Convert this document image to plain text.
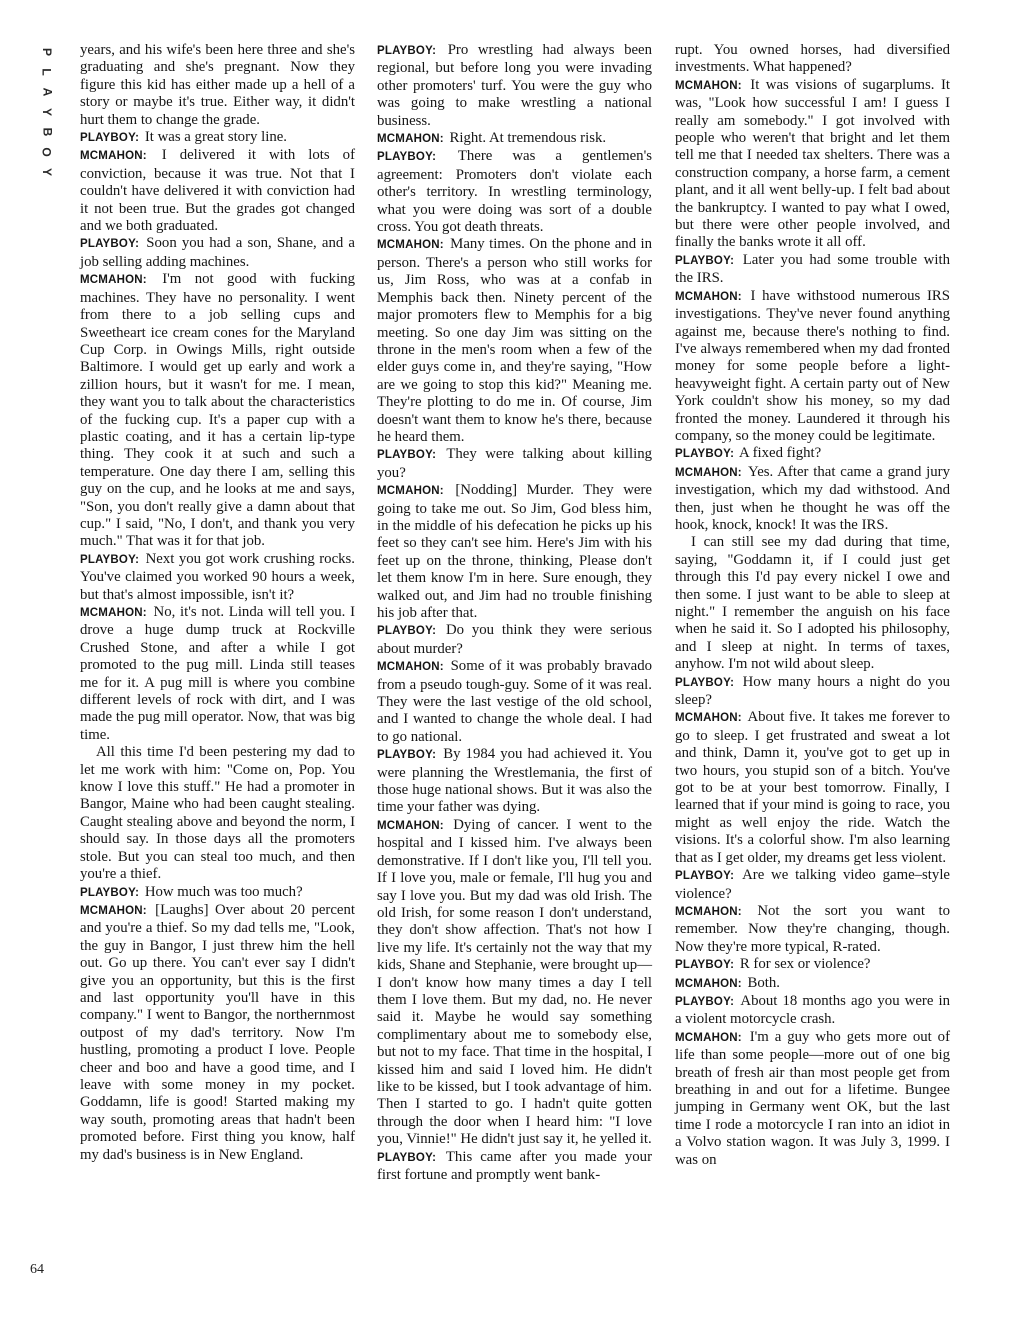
P
L
A
Y
B
O
Y

years, and his wife's been here three and she's graduating and she's pregnant. Now they figure this kid has either made up a hell of a story or maybe it's true. Either way, it didn't hurt them to change the grade.

PLAYBOY: It was a great story line.

MCMAHON: I delivered it with lots of conviction, because it was true. Not that I couldn't have delivered it with conviction had it not been true. But the grades got changed and we both graduated.

PLAYBOY: Soon you had a son, Shane, and a job selling adding machines.

MCMAHON: I'm not good with fucking machines. They have no personality. I went from there to a job selling cups and Sweetheart ice cream cones for the Maryland Cup Corp. in Owings Mills, right outside Baltimore. I would get up early and work a zillion hours, but it wasn't for me. I mean, they want you to talk about the characteristics of the fucking cup. It's a paper cup with a plastic coating, and it has a certain lip-type thing. They cook it at such and such a temperature. One day there I am, selling this guy on the cup, and he looks at me and says, "Son, you don't really give a damn about that cup." I said, "No, I don't, and thank you very much." That was it for that job.

PLAYBOY: Next you got work crushing rocks. You've claimed you worked 90 hours a week, but that's almost impossible, isn't it?

MCMAHON: No, it's not. Linda will tell you. I drove a huge dump truck at Rockville Crushed Stone, and after a while I got promoted to the pug mill. Linda still teases me for it. A pug mill is where you combine different levels of rock with dirt, and I was made the pug mill operator. Now, that was big time.

All this time I'd been pestering my dad to let me work with him: "Come on, Pop. You know I love this stuff." He had a promoter in Bangor, Maine who had been caught stealing. Caught stealing above and beyond the norm, I should say. In those days all the promoters stole. But you can steal too much, and then you're a thief.

PLAYBOY: How much was too much?

MCMAHON: [Laughs] Over about 20 percent and you're a thief. So my dad tells me, "Look, the guy in Bangor, I just threw him the hell out. Go up there. You can't ever say I didn't give you an opportunity, but this is the first and last opportunity you'll have in this company." I went to Bangor, the northernmost outpost of my dad's territory. Now I'm hustling, promoting a product I love. People cheer and boo and have a good time, and I leave with some money in my pocket. Goddamn, life is good! Started making my way south, promoting areas that hadn't been promoted before. First thing you know, half my dad's business is in New England.

PLAYBOY: Pro wrestling had always been regional, but before long you were invading other promoters' turf. You were the guy who was going to make wrestling a national business.

MCMAHON: Right. At tremendous risk.

PLAYBOY: There was a gentlemen's agreement: Promoters don't violate each other's territory. In wrestling terminology, what you were doing was sort of a double cross. You got death threats.

MCMAHON: Many times. On the phone and in person. There's a person who still works for us, Jim Ross, who was at a confab in Memphis back then. Ninety percent of the major promoters flew to Memphis for a big meeting. So one day Jim was sitting on the throne in the men's room when a few of the elder guys come in, and they're saying, "How are we going to stop this kid?" Meaning me. They're plotting to do me in. Of course, Jim doesn't want them to know he's there, because he heard them.

PLAYBOY: They were talking about killing you?

MCMAHON: [Nodding] Murder. They were going to take me out. So Jim, God bless him, in the middle of his defecation he picks up his feet so they can't see him. Here's Jim with his feet up on the throne, thinking, Please don't let them know I'm in here. Sure enough, they walked out, and Jim had no trouble finishing his job after that.

PLAYBOY: Do you think they were serious about murder?

MCMAHON: Some of it was probably bravado from a pseudo tough-guy. Some of it was real. They were the last vestige of the old school, and I wanted to change the whole deal. I had to go national.

PLAYBOY: By 1984 you had achieved it. You were planning the Wrestlemania, the first of those huge national shows. But it was also the time your father was dying.

MCMAHON: Dying of cancer. I went to the hospital and I kissed him. I've always been demonstrative. If I don't like you, I'll tell you. If I love you, male or female, I'll hug you and say I love you. But my dad was old Irish. The old Irish, for some reason I don't understand, they don't show affection. That's not how I live my life. It's certainly not the way that my kids, Shane and Stephanie, were brought up—I don't know how many times a day I tell them I love them. But my dad, no. He never said it. Maybe he would say something complimentary about me to somebody else, but not to my face. That time in the hospital, I kissed him and said I loved him. He didn't like to be kissed, but I took advantage of him. Then I started to go. I hadn't quite gotten through the door when I heard him: "I love you, Vinnie!" He didn't just say it, he yelled it.

PLAYBOY: This came after you made your first fortune and promptly went bank-

rupt. You owned horses, had diversified investments. What happened?

MCMAHON: It was visions of sugarplums. It was, "Look how successful I am! I guess I really am somebody." I got involved with people who weren't that bright and let them tell me that I needed tax shelters. There was a construction company, a horse farm, a cement plant, and it all went belly-up. I felt bad about the bankruptcy. I wanted to pay what I owed, but there were other people involved, and finally the banks wrote it all off.

PLAYBOY: Later you had some trouble with the IRS.

MCMAHON: I have withstood numerous IRS investigations. They've never found anything against me, because there's nothing to find. I've always remembered when my dad fronted money for some people before a light-heavyweight fight. A certain party out of New York couldn't show his money, so my dad fronted the money. Laundered it through his company, so the money could be legitimate.

PLAYBOY: A fixed fight?

MCMAHON: Yes. After that came a grand jury investigation, which my dad withstood. And then, just when he thought he was off the hook, knock, knock! It was the IRS.

I can still see my dad during that time, saying, "Goddamn it, if I could just get through this I'd pay every nickel I owe and then some. I just want to be able to sleep at night." I remember the anguish on his face when he said it. So I adopted his philosophy, and I sleep at night. In terms of taxes, anyhow. I'm not wild about sleep.

PLAYBOY: How many hours a night do you sleep?

MCMAHON: About five. It takes me forever to go to sleep. I get frustrated and sweat a lot and think, Damn it, you've got to get up in two hours, you stupid son of a bitch. You've got to be at your best tomorrow. Finally, I learned that if your mind is going to race, you might as well enjoy the ride. Watch the visions. It's a colorful show. I'm also learning that as I get older, my dreams get less violent.

PLAYBOY: Are we talking video game–style violence?

MCMAHON: Not the sort you want to remember. Now they're changing, though. Now they're more typical, R-rated.

PLAYBOY: R for sex or violence?

MCMAHON: Both.

PLAYBOY: About 18 months ago you were in a violent motorcycle crash.

MCMAHON: I'm a guy who gets more out of life than some people—more out of one big breath of fresh air than most people get from breathing in and out for a lifetime. Bungee jumping in Germany went OK, but the last time I rode a motorcycle I ran into an idiot in a Volvo station wagon. It was July 3, 1999. I was on

64
